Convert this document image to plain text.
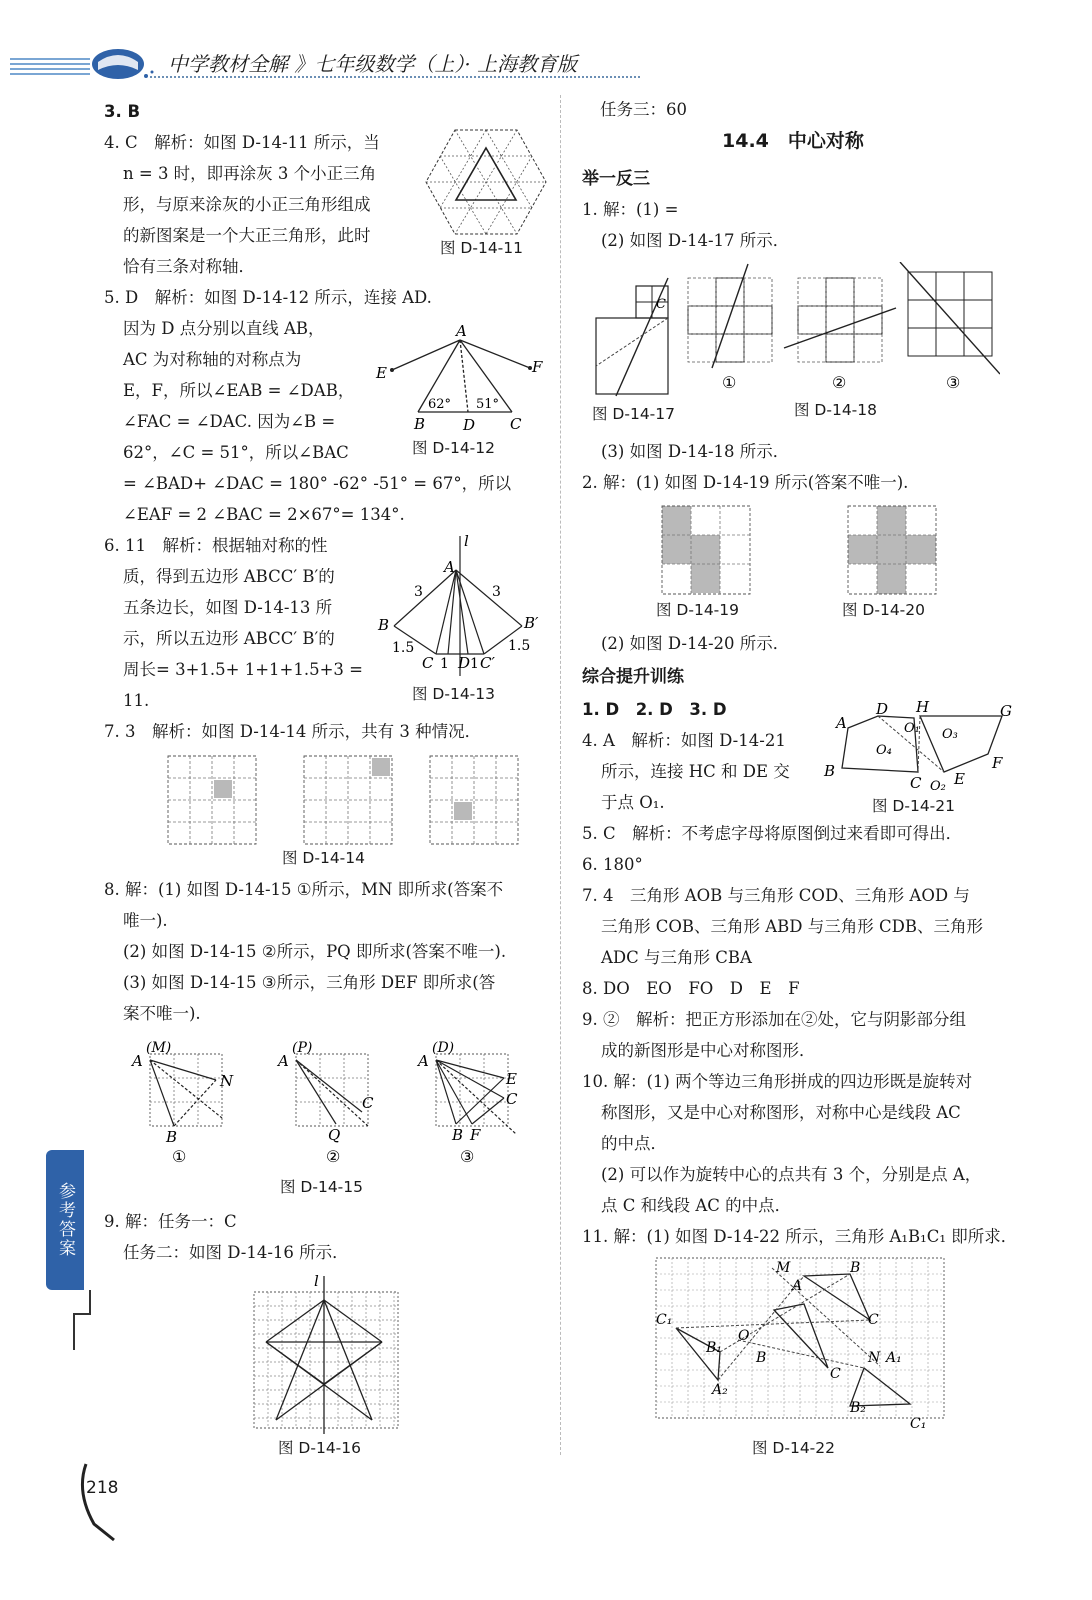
中学教材全解 》七年级数学（上）· 上海教育版

3. B

4. C　解析：如图 D-14-11 所示，当

n = 3 时，即再涂灰 3 个小正三角

形，与原来涂灰的小正三角形组成

的新图案是一个大正三角形，此时

恰有三条对称轴．

5. D　解析：如图 D-14-12 所示，连接 AD.

因为 D 点分别以直线 AB，

AC 为对称轴的对称点为

E，F，所以∠EAB = ∠DAB，

∠FAC = ∠DAC. 因为∠B =

62°，∠C = 51°，所以∠BAC

= ∠BAD+ ∠DAC = 180° -62° -51° = 67°，所以

∠EAF = 2 ∠BAC = 2×67°= 134°.

6. 11　解析：根据轴对称的性

质，得到五边形 ABCC′ B′的

五条边长，如图 D-14-13 所

示，所以五边形 ABCC′ B′的

周长= 3+1.5+ 1+1+1.5+3 =

11.

7. 3　解析：如图 D-14-14 所示，共有 3 种情况．

8. 解：(1) 如图 D-14-15 ①所示，MN 即所求(答案不

唯一).

(2) 如图 D-14-15 ②所示，PQ 即所求(答案不唯一).

(3) 如图 D-14-15 ③所示，三角形 DEF 即所求(答

案不唯一).

9. 解：任务一：C

任务二：如图 D-14-16 所示．

图 D-14-11
A
E	F
B	D C
62° 51°
图 D-14-12
l
A
3	3
B	B′
1.5	1.5
C 1 D 1 C′
图 D-14-13
图 D-14-14
A
(M)
N
B
①
A
(P)
C
Q
②
A
(D)
E
C
B F
③
图 D-14-15
l
图 D-14-16

任务三：60

14.4　中心对称
举一反三

1. 解：(1) =

(2) 如图 D-14-17 所示．

C
图 D-14-17
①	②	③
图 D-14-18

(3) 如图 D-14-18 所示．

2. 解：(1) 如图 D-14-19 所示(答案不唯一).

图 D-14-19	图 D-14-20

(2) 如图 D-14-20 所示．

综合提升训练

1. D　2. D　3. D

4. A　解析：如图 D-14-21

所示，连接 HC 和 DE 交

于点 O₁.

5. C　解析：不考虑字母将原图倒过来看即可得出．

6. 180°

7. 4　三角形 AOB 与三角形 COD、三角形 AOD 与

三角形 COB、三角形 ABD 与三角形 CDB、三角形

ADC 与三角形 CBA

8. DO　EO　FO　D　E　F

9. ②　解析：把正方形添加在②处，它与阴影部分组

成的新图形是中心对称图形．

10. 解：(1) 两个等边三角形拼成的四边形既是旋转对

称图形，又是中心对称图形，对称中心是线段 AC

的中点．

(2) 可以作为旋转中心的点共有 3 个，分别是点 A，

点 C 和线段 AC 的中点．

11. 解：(1) 如图 D-14-22 所示，三角形 A₁B₁C₁ 即所求．

A
D H	G
O₁ O₃
O₄
B
C O₂ E
F
图 D-14-21
M	B
A
C₁
B₁
O
C
B	N A₁
A₂
C
B₂
C₁
图 D-14-22
参考答案
218
